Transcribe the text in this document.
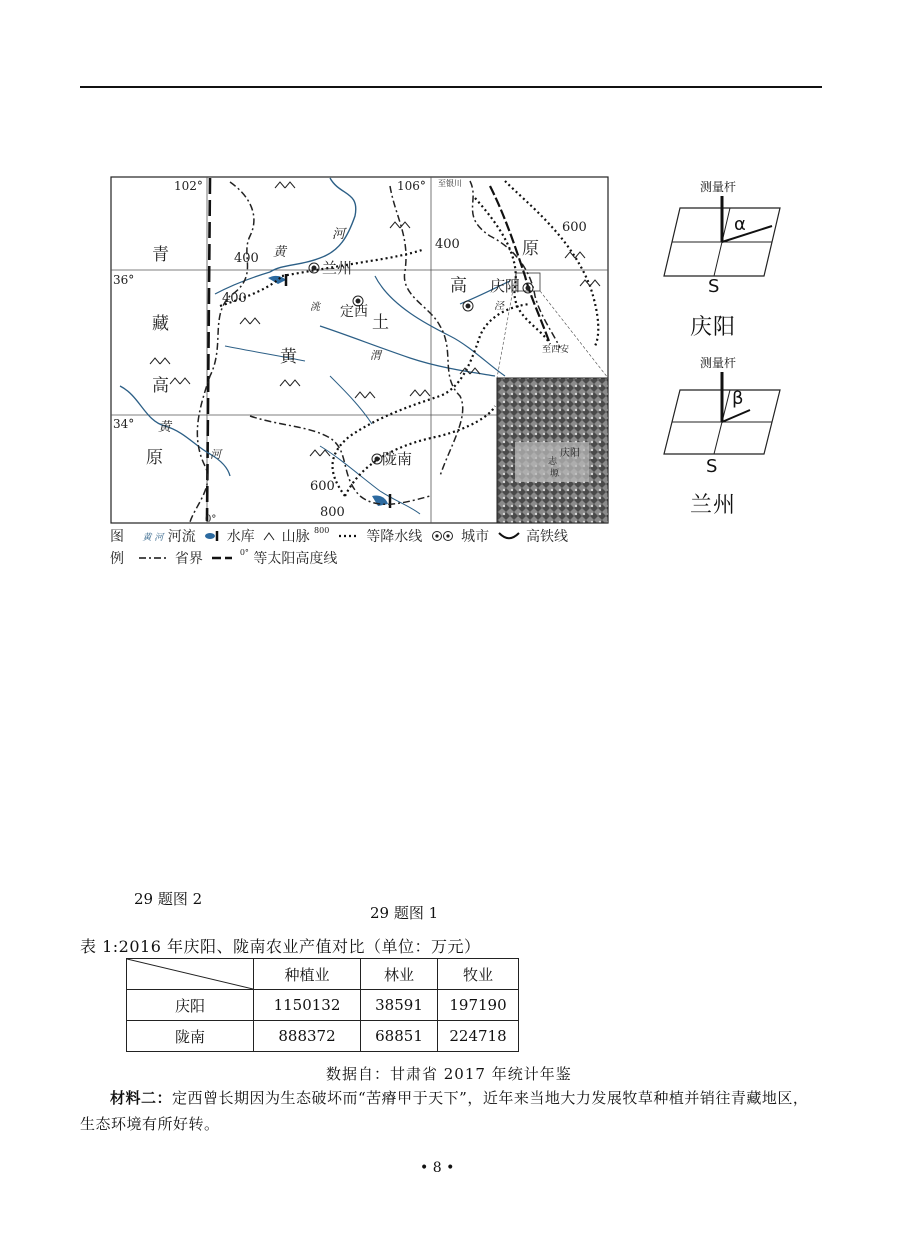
102°	106°
36°
34°
至银川
至西安
青
藏
高
原
黄
土
高
原
黄
河
洮
渭
泾
黄
河
兰州
定西
庆阳
陇南
400
400
400
600
600
800
0°
志
庆阳
塬
图 黄 河 河流 水库 山脉 $^{800}$	等降水线	城市	高铁线
例	省界	$^{0^\circ}$ 等太阳高度线
测量杆
α
S
庆阳
测量杆
β
S
兰州
29 题图 2
29 题图 1
表 1:2016 年庆阳、陇南农业产值对比（单位：万元）
	种植业	林业	牧业
庆阳	1150132	38591	197190
陇南	888372	68851	224718
数据自：甘肃省 2017 年统计年鉴
材料二：定西曾长期因为生态破坏而“苦瘠甲于天下”，近年来当地大力发展牧草种植并销往青藏地区，生态环境有所好转。
• 8 •
